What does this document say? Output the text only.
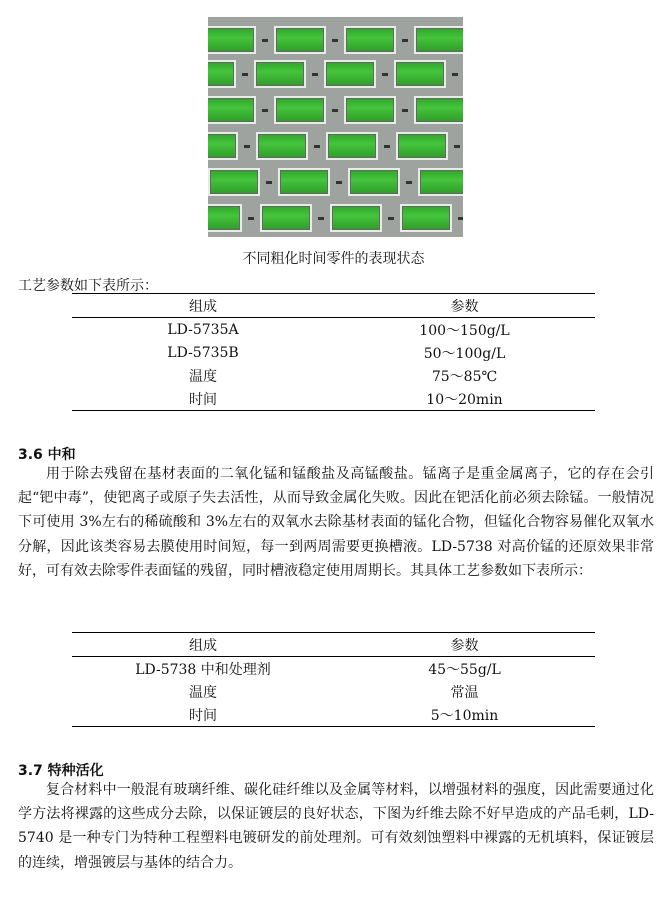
不同粗化时间零件的表现状态
工艺参数如下表所示：
组成	参数
LD-5735A	100～150g/L
LD-5735B	50～100g/L
温度	75～85℃
时间	10～20min
3.6 中和
用于除去残留在基材表面的二氧化锰和锰酸盐及高锰酸盐。锰离子是重金属离子，它的存在会引起“钯中毒”，使钯离子或原子失去活性，从而导致金属化失败。因此在钯活化前必须去除锰。一般情况下可使用 3%左右的稀硫酸和 3%左右的双氧水去除基材表面的锰化合物，但锰化合物容易催化双氧水分解，因此该类容易去膜使用时间短，每一到两周需要更换槽液。LD-5738 对高价锰的还原效果非常好，可有效去除零件表面锰的残留，同时槽液稳定使用周期长。其具体工艺参数如下表所示：
组成	参数
LD-5738 中和处理剂	45～55g/L
温度	常温
时间	5～10min
3.7 特种活化
复合材料中一般混有玻璃纤维、碳化硅纤维以及金属等材料，以增强材料的强度，因此需要通过化学方法将裸露的这些成分去除，以保证镀层的良好状态，下图为纤维去除不好早造成的产品毛刺，LD-5740 是一种专门为特种工程塑料电镀研发的前处理剂。可有效刻蚀塑料中裸露的无机填料，保证镀层的连续，增强镀层与基体的结合力。
